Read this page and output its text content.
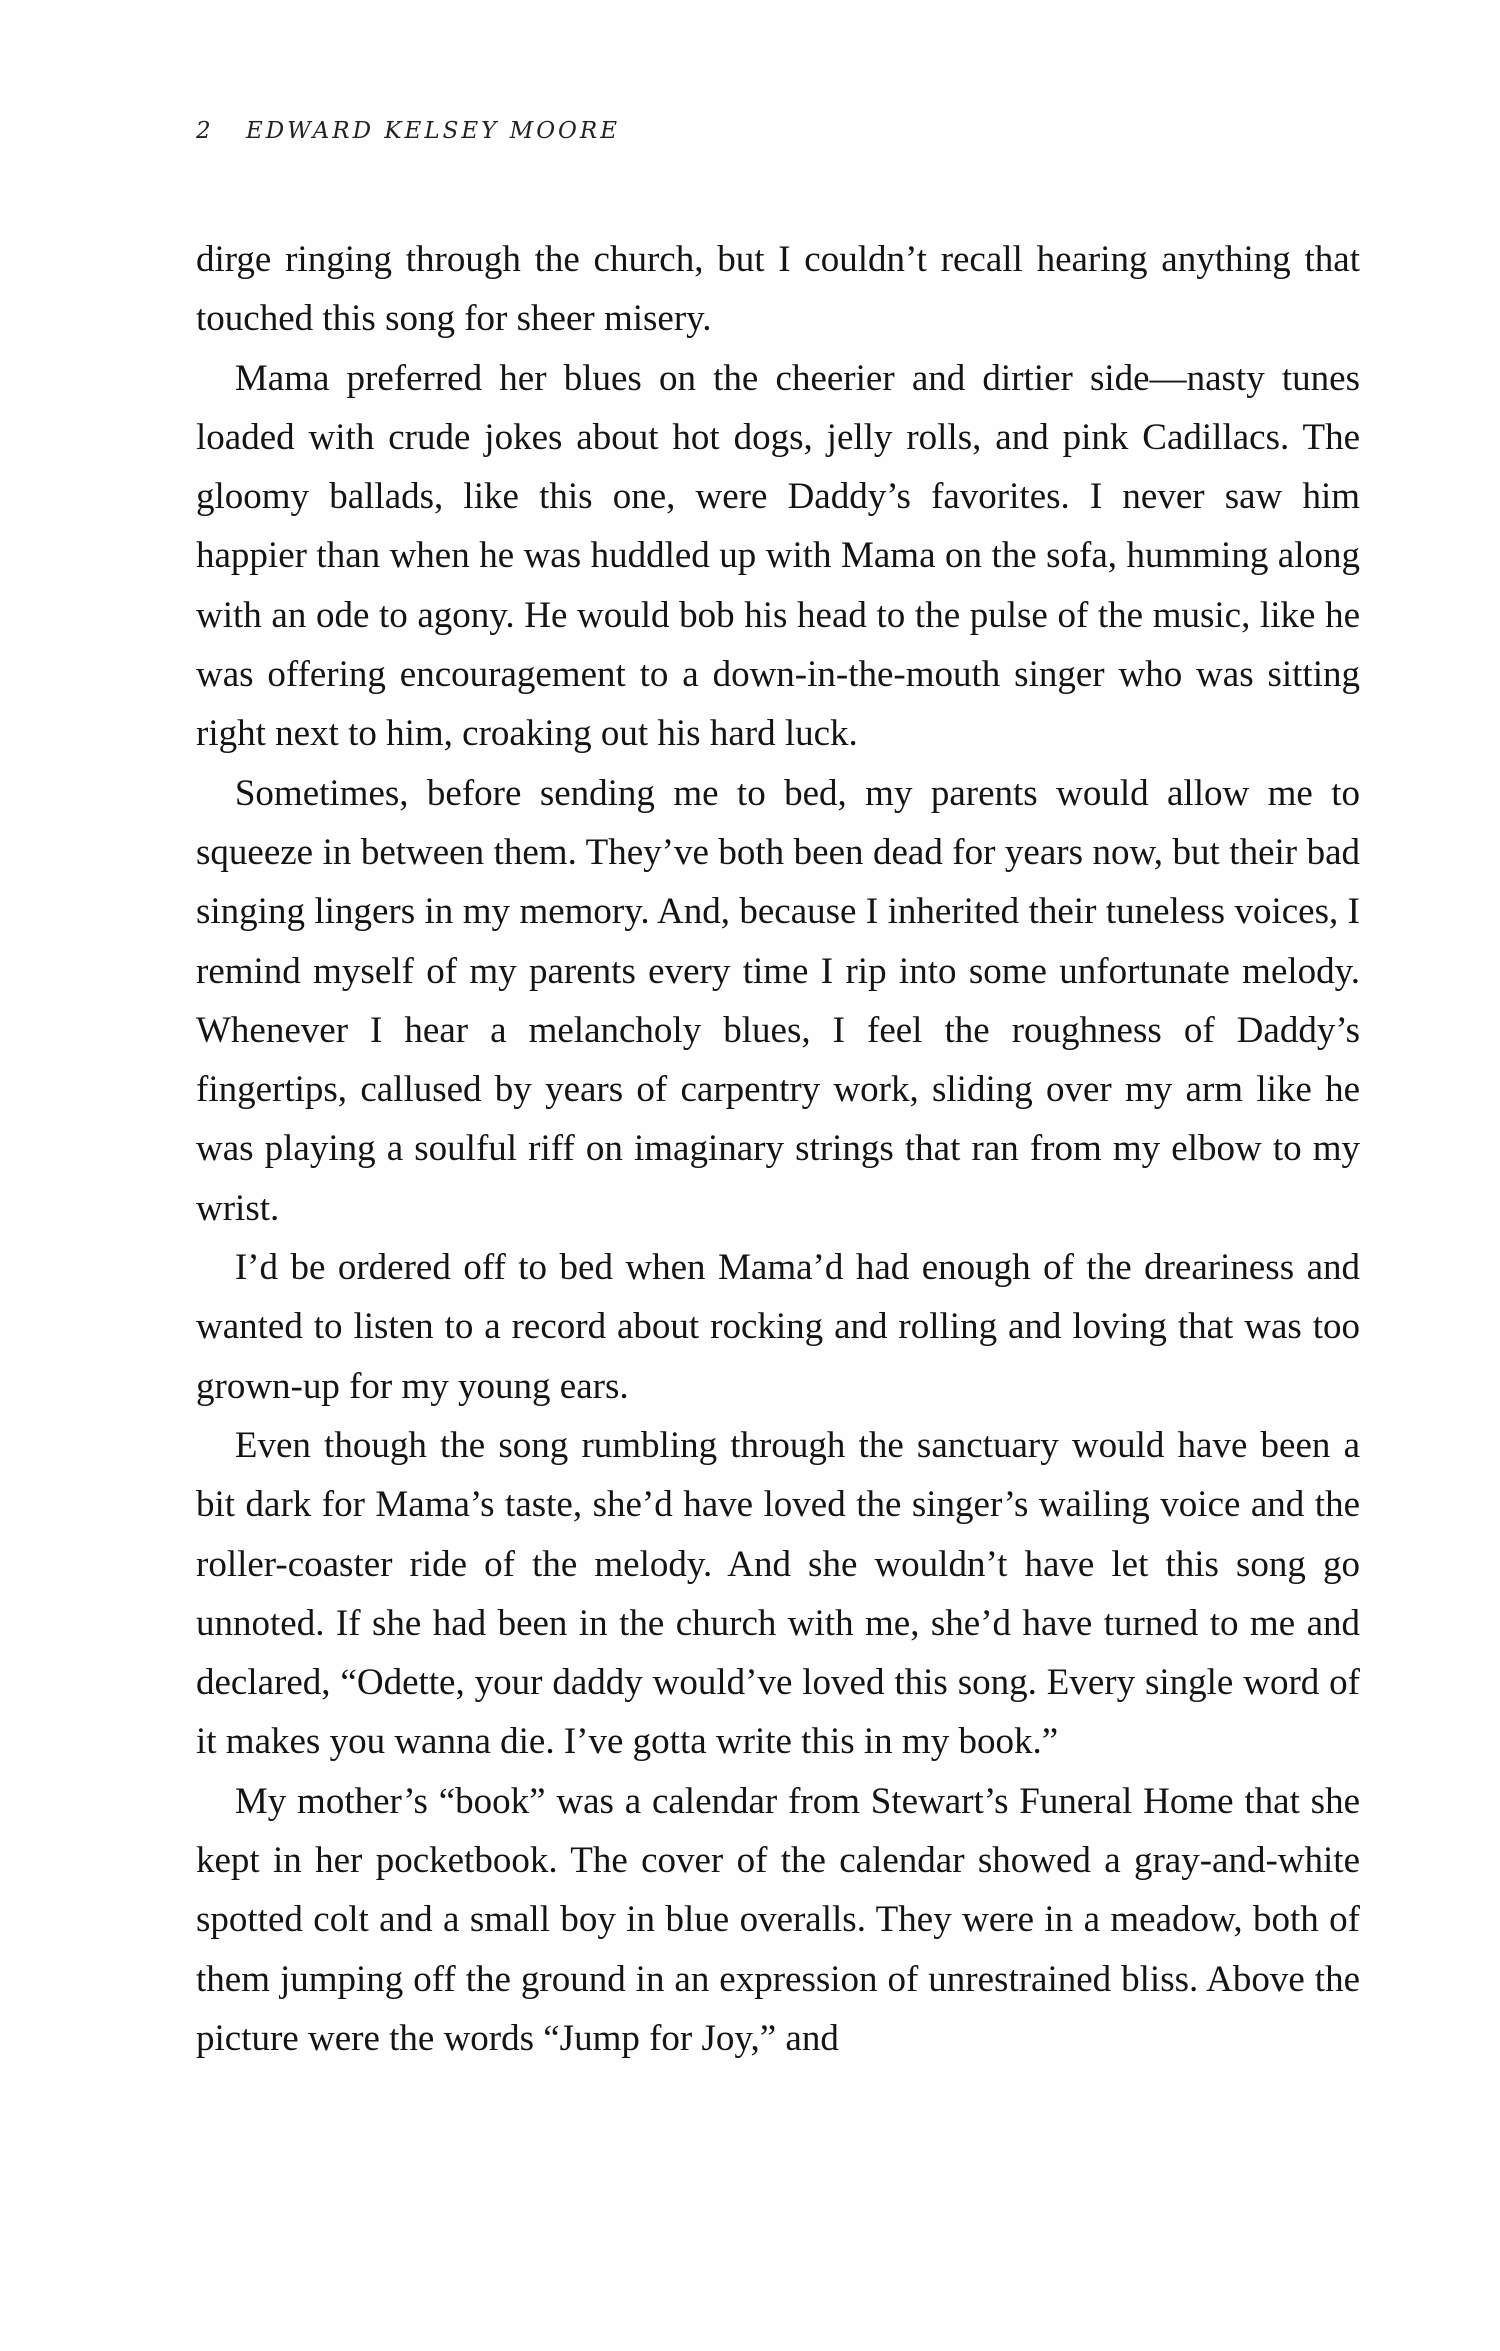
2 EDWARD KELSEY MOORE

dirge ringing through the church, but I couldn’t recall hearing anything that touched this song for sheer misery.

Mama preferred her blues on the cheerier and dirtier side—nasty tunes loaded with crude jokes about hot dogs, jelly rolls, and pink Cadillacs. The gloomy ballads, like this one, were Daddy’s favorites. I never saw him happier than when he was huddled up with Mama on the sofa, humming along with an ode to agony. He would bob his head to the pulse of the music, like he was offering encouragement to a down-in-the-mouth singer who was sitting right next to him, croaking out his hard luck.

Sometimes, before sending me to bed, my parents would allow me to squeeze in between them. They’ve both been dead for years now, but their bad singing lingers in my memory. And, because I inherited their tuneless voices, I remind myself of my parents every time I rip into some unfortunate melody. Whenever I hear a melancholy blues, I feel the roughness of Daddy’s fingertips, callused by years of carpentry work, sliding over my arm like he was playing a soulful riff on imaginary strings that ran from my elbow to my wrist.

I’d be ordered off to bed when Mama’d had enough of the dreariness and wanted to listen to a record about rocking and rolling and loving that was too grown-up for my young ears.

Even though the song rumbling through the sanctuary would have been a bit dark for Mama’s taste, she’d have loved the singer’s wailing voice and the roller-coaster ride of the melody. And she wouldn’t have let this song go unnoted. If she had been in the church with me, she’d have turned to me and declared, “Odette, your daddy would’ve loved this song. Every single word of it makes you wanna die. I’ve gotta write this in my book.”

My mother’s “book” was a calendar from Stewart’s Funeral Home that she kept in her pocketbook. The cover of the calendar showed a gray-and-white spotted colt and a small boy in blue overalls. They were in a meadow, both of them jumping off the ground in an expression of unrestrained bliss. Above the picture were the words “Jump for Joy,” and
